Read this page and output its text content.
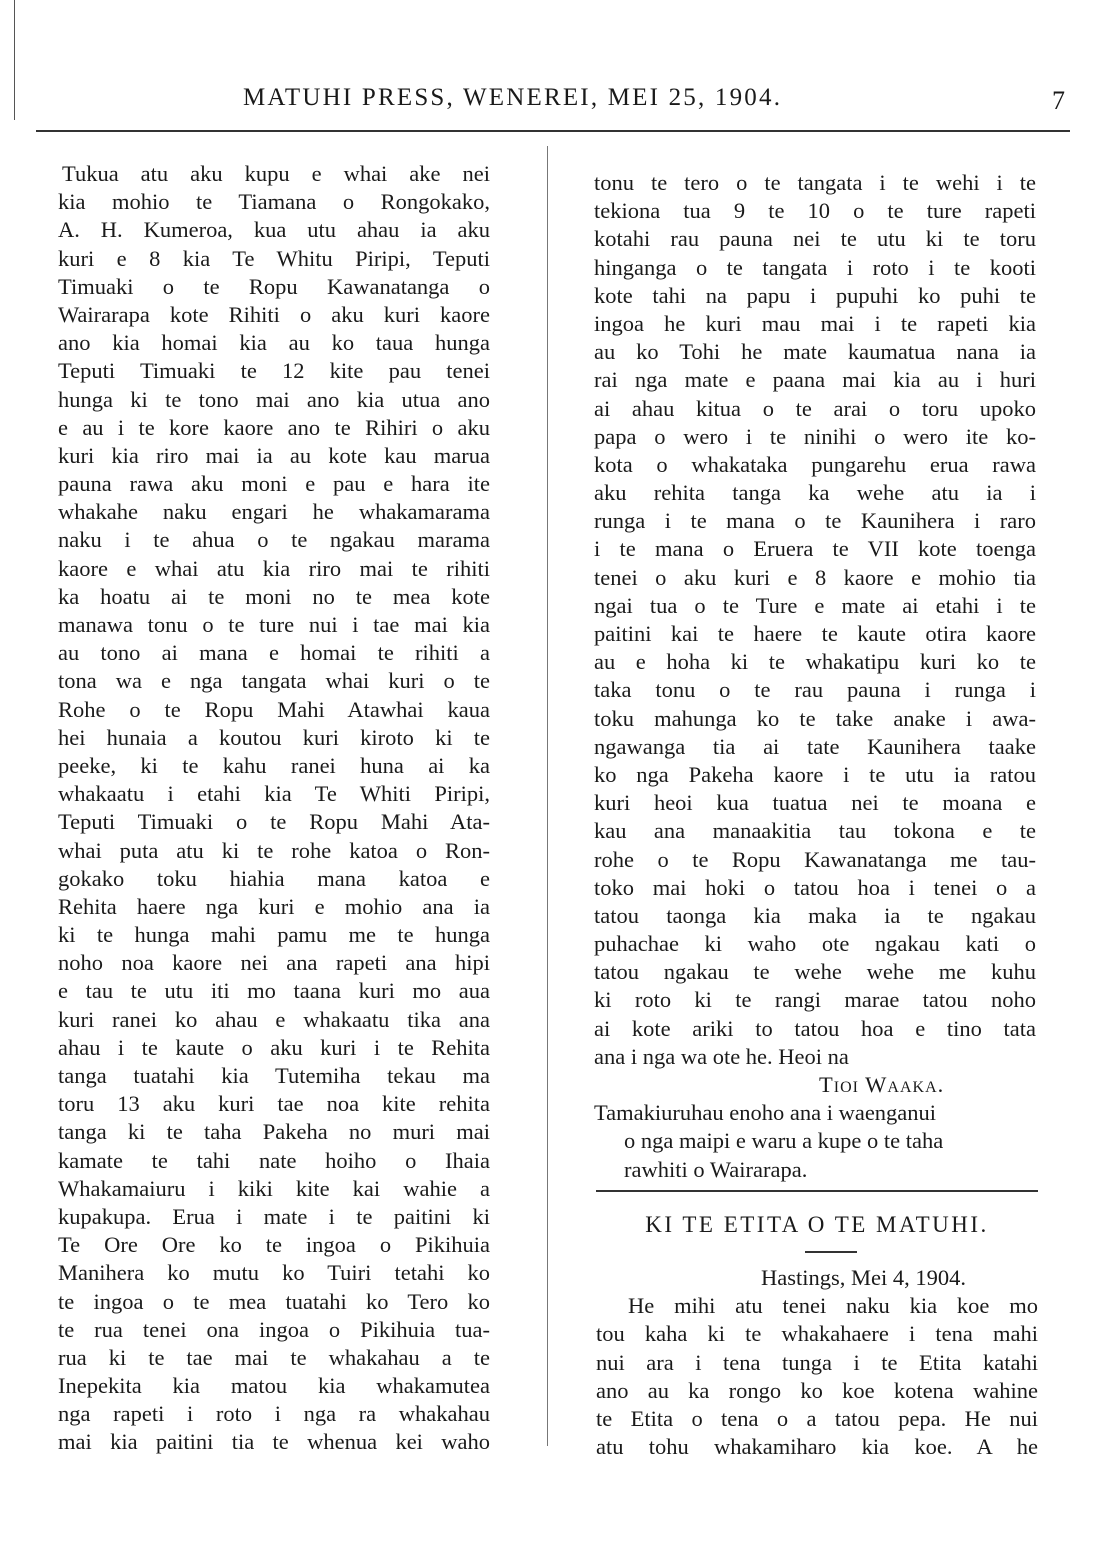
MATUHI PRESS, WENEREI, MEI 25, 1904.	7
Tukua atu aku kupu e whai ake nei
kia mohio te Tiamana o Rongokako,
A. H. Kumeroa, kua utu ahau ia aku
kuri e 8 kia Te Whitu Piripi, Teputi
Timuaki o te Ropu Kawanatanga o
Wairarapa kote Rihiti o aku kuri kaore
ano kia homai kia au ko taua hunga
Teputi Timuaki te 12 kite pau tenei
hunga ki te tono mai ano kia utua ano
e au i te kore kaore ano te Rihiri o aku
kuri kia riro mai ia au kote kau marua
pauna rawa aku moni e pau e hara ite
whakahe naku engari he whakamarama
naku i te ahua o te ngakau marama
kaore e whai atu kia riro mai te rihiti
ka hoatu ai te moni no te mea kote
manawa tonu o te ture nui i tae mai kia
au tono ai mana e homai te rihiti a
tona wa e nga tangata whai kuri o te
Rohe o te Ropu Mahi Atawhai kaua
hei hunaia a koutou kuri kiroto ki te
peeke, ki te kahu ranei huna ai ka
whakaatu i etahi kia Te Whiti Piripi,
Teputi Timuaki o te Ropu Mahi Ata-
whai puta atu ki te rohe katoa o Ron-
gokako toku hiahia mana katoa e
Rehita haere nga kuri e mohio ana ia
ki te hunga mahi pamu me te hunga
noho noa kaore nei ana rapeti ana hipi
e tau te utu iti mo taana kuri mo aua
kuri ranei ko ahau e whakaatu tika ana
ahau i te kaute o aku kuri i te Rehita
tanga tuatahi kia Tutemiha tekau ma
toru 13 aku kuri tae noa kite rehita
tanga ki te taha Pakeha no muri mai
kamate te tahi nate hoiho o Ihaia
Whakamaiuru i kiki kite kai wahie a
kupakupa. Erua i mate i te paitini ki
Te Ore Ore ko te ingoa o Pikihuia
Manihera ko mutu ko Tuiri tetahi ko
te ingoa o te mea tuatahi ko Tero ko
te rua tenei ona ingoa o Pikihuia tua-
rua ki te tae mai te whakahau a te
Inepekita kia matou kia whakamutea
nga rapeti i roto i nga ra whakahau
mai kia paitini tia te whenua kei waho
tonu te tero o te tangata i te wehi i te
tekiona tua 9 te 10 o te ture rapeti
kotahi rau pauna nei te utu ki te toru
hinganga o te tangata i roto i te kooti
kote tahi na papu i pupuhi ko puhi te
ingoa he kuri mau mai i te rapeti kia
au ko Tohi he mate kaumatua nana ia
rai nga mate e paana mai kia au i huri
ai ahau kitua o te arai o toru upoko
papa o wero i te ninihi o wero ite ko-
kota o whakataka pungarehu erua rawa
aku rehita tanga ka wehe atu ia i
runga i te mana o te Kaunihera i raro
i te mana o Eruera te VII kote toenga
tenei o aku kuri e 8 kaore e mohio tia
ngai tua o te Ture e mate ai etahi i te
paitini kai te haere te kaute otira kaore
au e hoha ki te whakatipu kuri ko te
taka tonu o te rau pauna i runga i
toku mahunga ko te take anake i awa-
ngawanga tia ai tate Kaunihera taake
ko nga Pakeha kaore i te utu ia ratou
kuri heoi kua tuatua nei te moana e
kau ana manaakitia tau tokona e te
rohe o te Ropu Kawanatanga me tau-
toko mai hoki o tatou hoa i tenei o a
tatou taonga kia maka ia te ngakau
puhachae ki waho ote ngakau kati o
tatou ngakau te wehe wehe me kuhu
ki roto ki te rangi marae tatou noho
ai kote ariki to tatou hoa e tino tata
ana i nga wa ote he. Heoi na
Tioi Waaka.
Tamakiuruhau enoho ana i waenganui
o nga maipi e waru a kupe o te taha
rawhiti o Wairarapa.
KI TE ETITA O TE MATUHI.
Hastings, Mei 4, 1904.
He mihi atu tenei naku kia koe mo
tou kaha ki te whakahaere i tena mahi
nui ara i tena tunga i te Etita katahi
ano au ka rongo ko koe kotena wahine
te Etita o tena o a tatou pepa. He nui
atu tohu whakamiharo kia koe. A he
